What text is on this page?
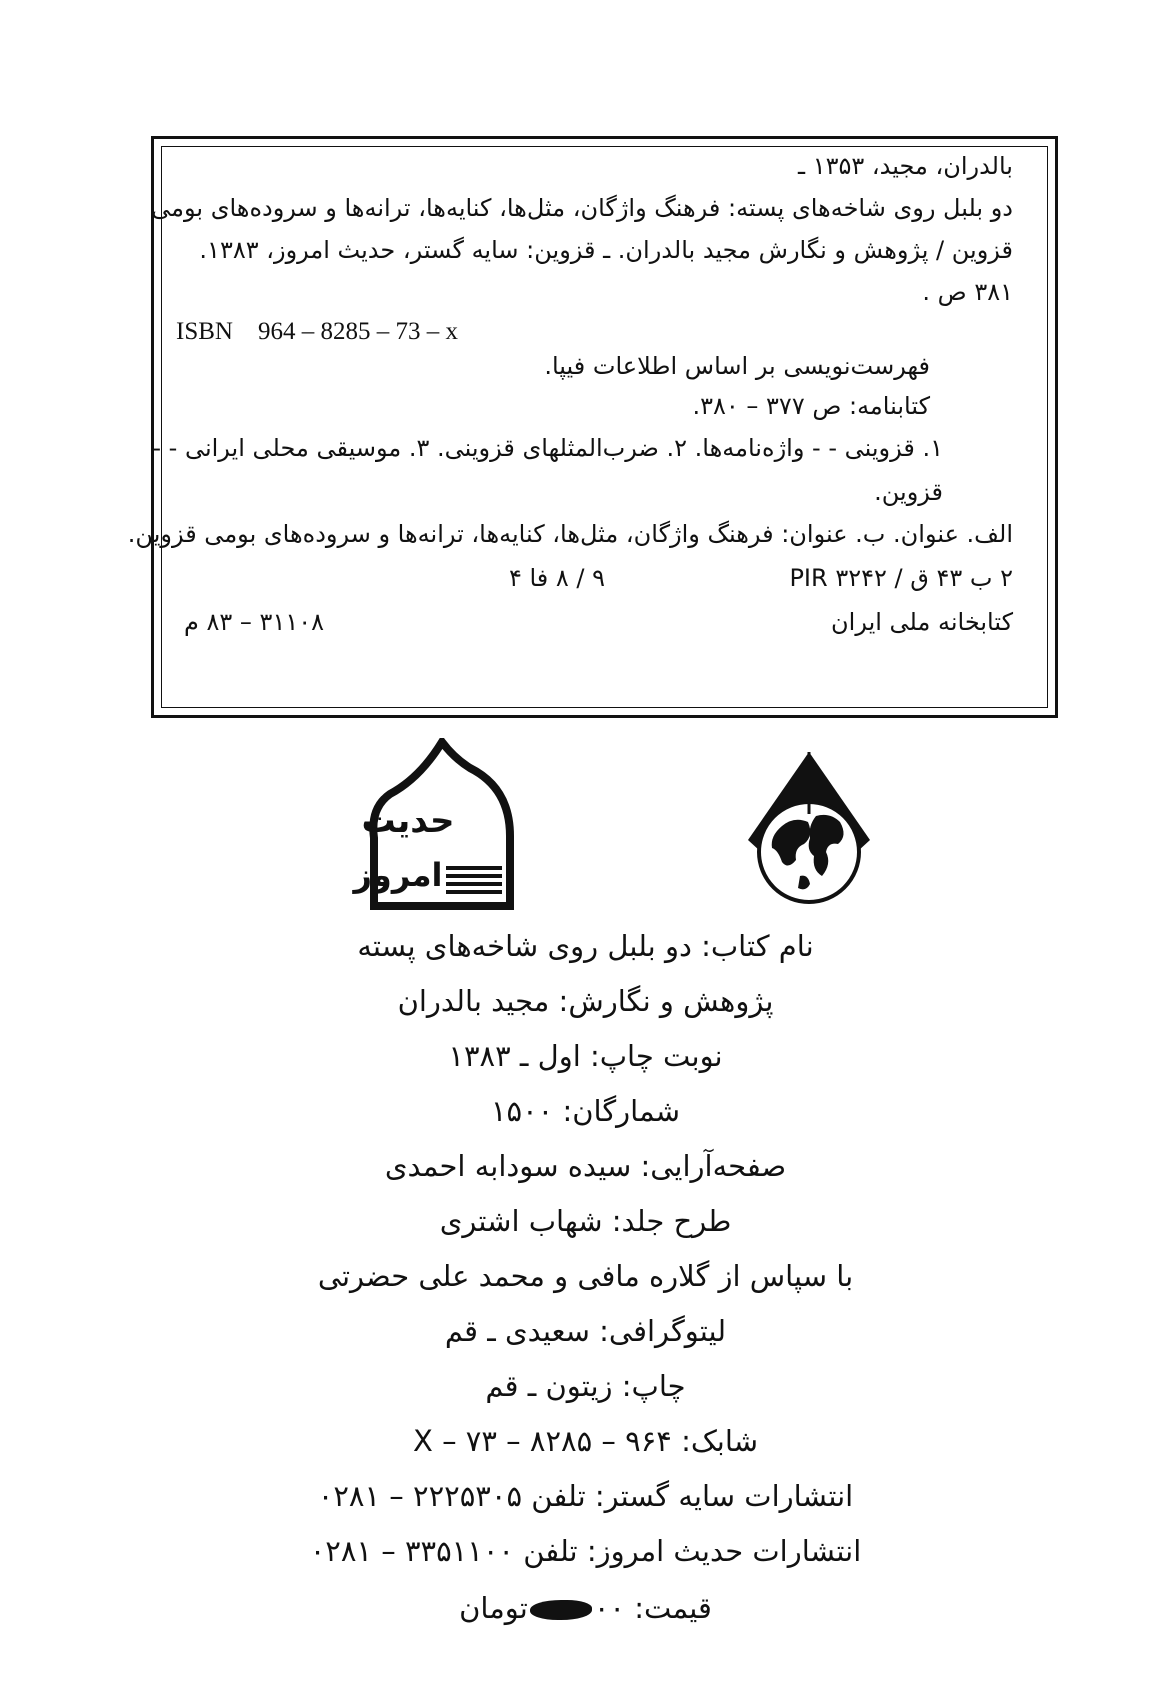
بالدران، مجید، ۱۳۵۳ ـ
دو بلبل روی شاخه‌های پسته: فرهنگ واژگان، مثل‌ها، کنایه‌ها، ترانه‌ها و سروده‌های بومی
قزوین / پژوهش و نگارش مجید بالدران. ـ قزوین: سایه گستر، حدیث امروز، ۱۳۸۳.
۳۸۱ ص .
ISBN    964 – 8285 – 73 – x
فهرست‌نویسی بر اساس اطلاعات فیپا.
کتابنامه: ص ۳۷۷ – ۳۸۰.
۱. قزوینی - - واژه‌نامه‌ها. ۲. ضرب‌المثلهای قزوینی. ۳. موسیقی محلی ایرانی - -
قزوین.
الف. عنوان. ب. عنوان: فرهنگ واژگان، مثل‌ها، کنایه‌ها، ترانه‌ها و سروده‌های بومی قزوین.
۲ ب ۴۳ ق / ۳۲۴۲ PIR
۹ / ۸ فا ۴
کتابخانه ملی ایران
۳۱۱۰۸ – ۸۳ م
حدیث
امروز
نام کتاب: دو بلبل روی شاخه‌های پسته
پژوهش و نگارش: مجید بالدران
نوبت چاپ: اول ـ ۱۳۸۳
شمارگان: ۱۵۰۰
صفحه‌آرایی: سیده سودابه احمدی
طرح جلد: شهاب اشتری
با سپاس از گلاره مافی و محمد علی حضرتی
لیتوگرافی: سعیدی ـ قم
چاپ: زیتون ـ قم
شابک: X – ۷۳ – ۸۲۸۵ – ۹۶۴
انتشارات سایه گستر: تلفن ۲۲۲۵۳۰۵ – ۰۲۸۱
انتشارات حدیث امروز: تلفن ۳۳۵۱۱۰۰ – ۰۲۸۱
قیمت: ۰۰تومان
